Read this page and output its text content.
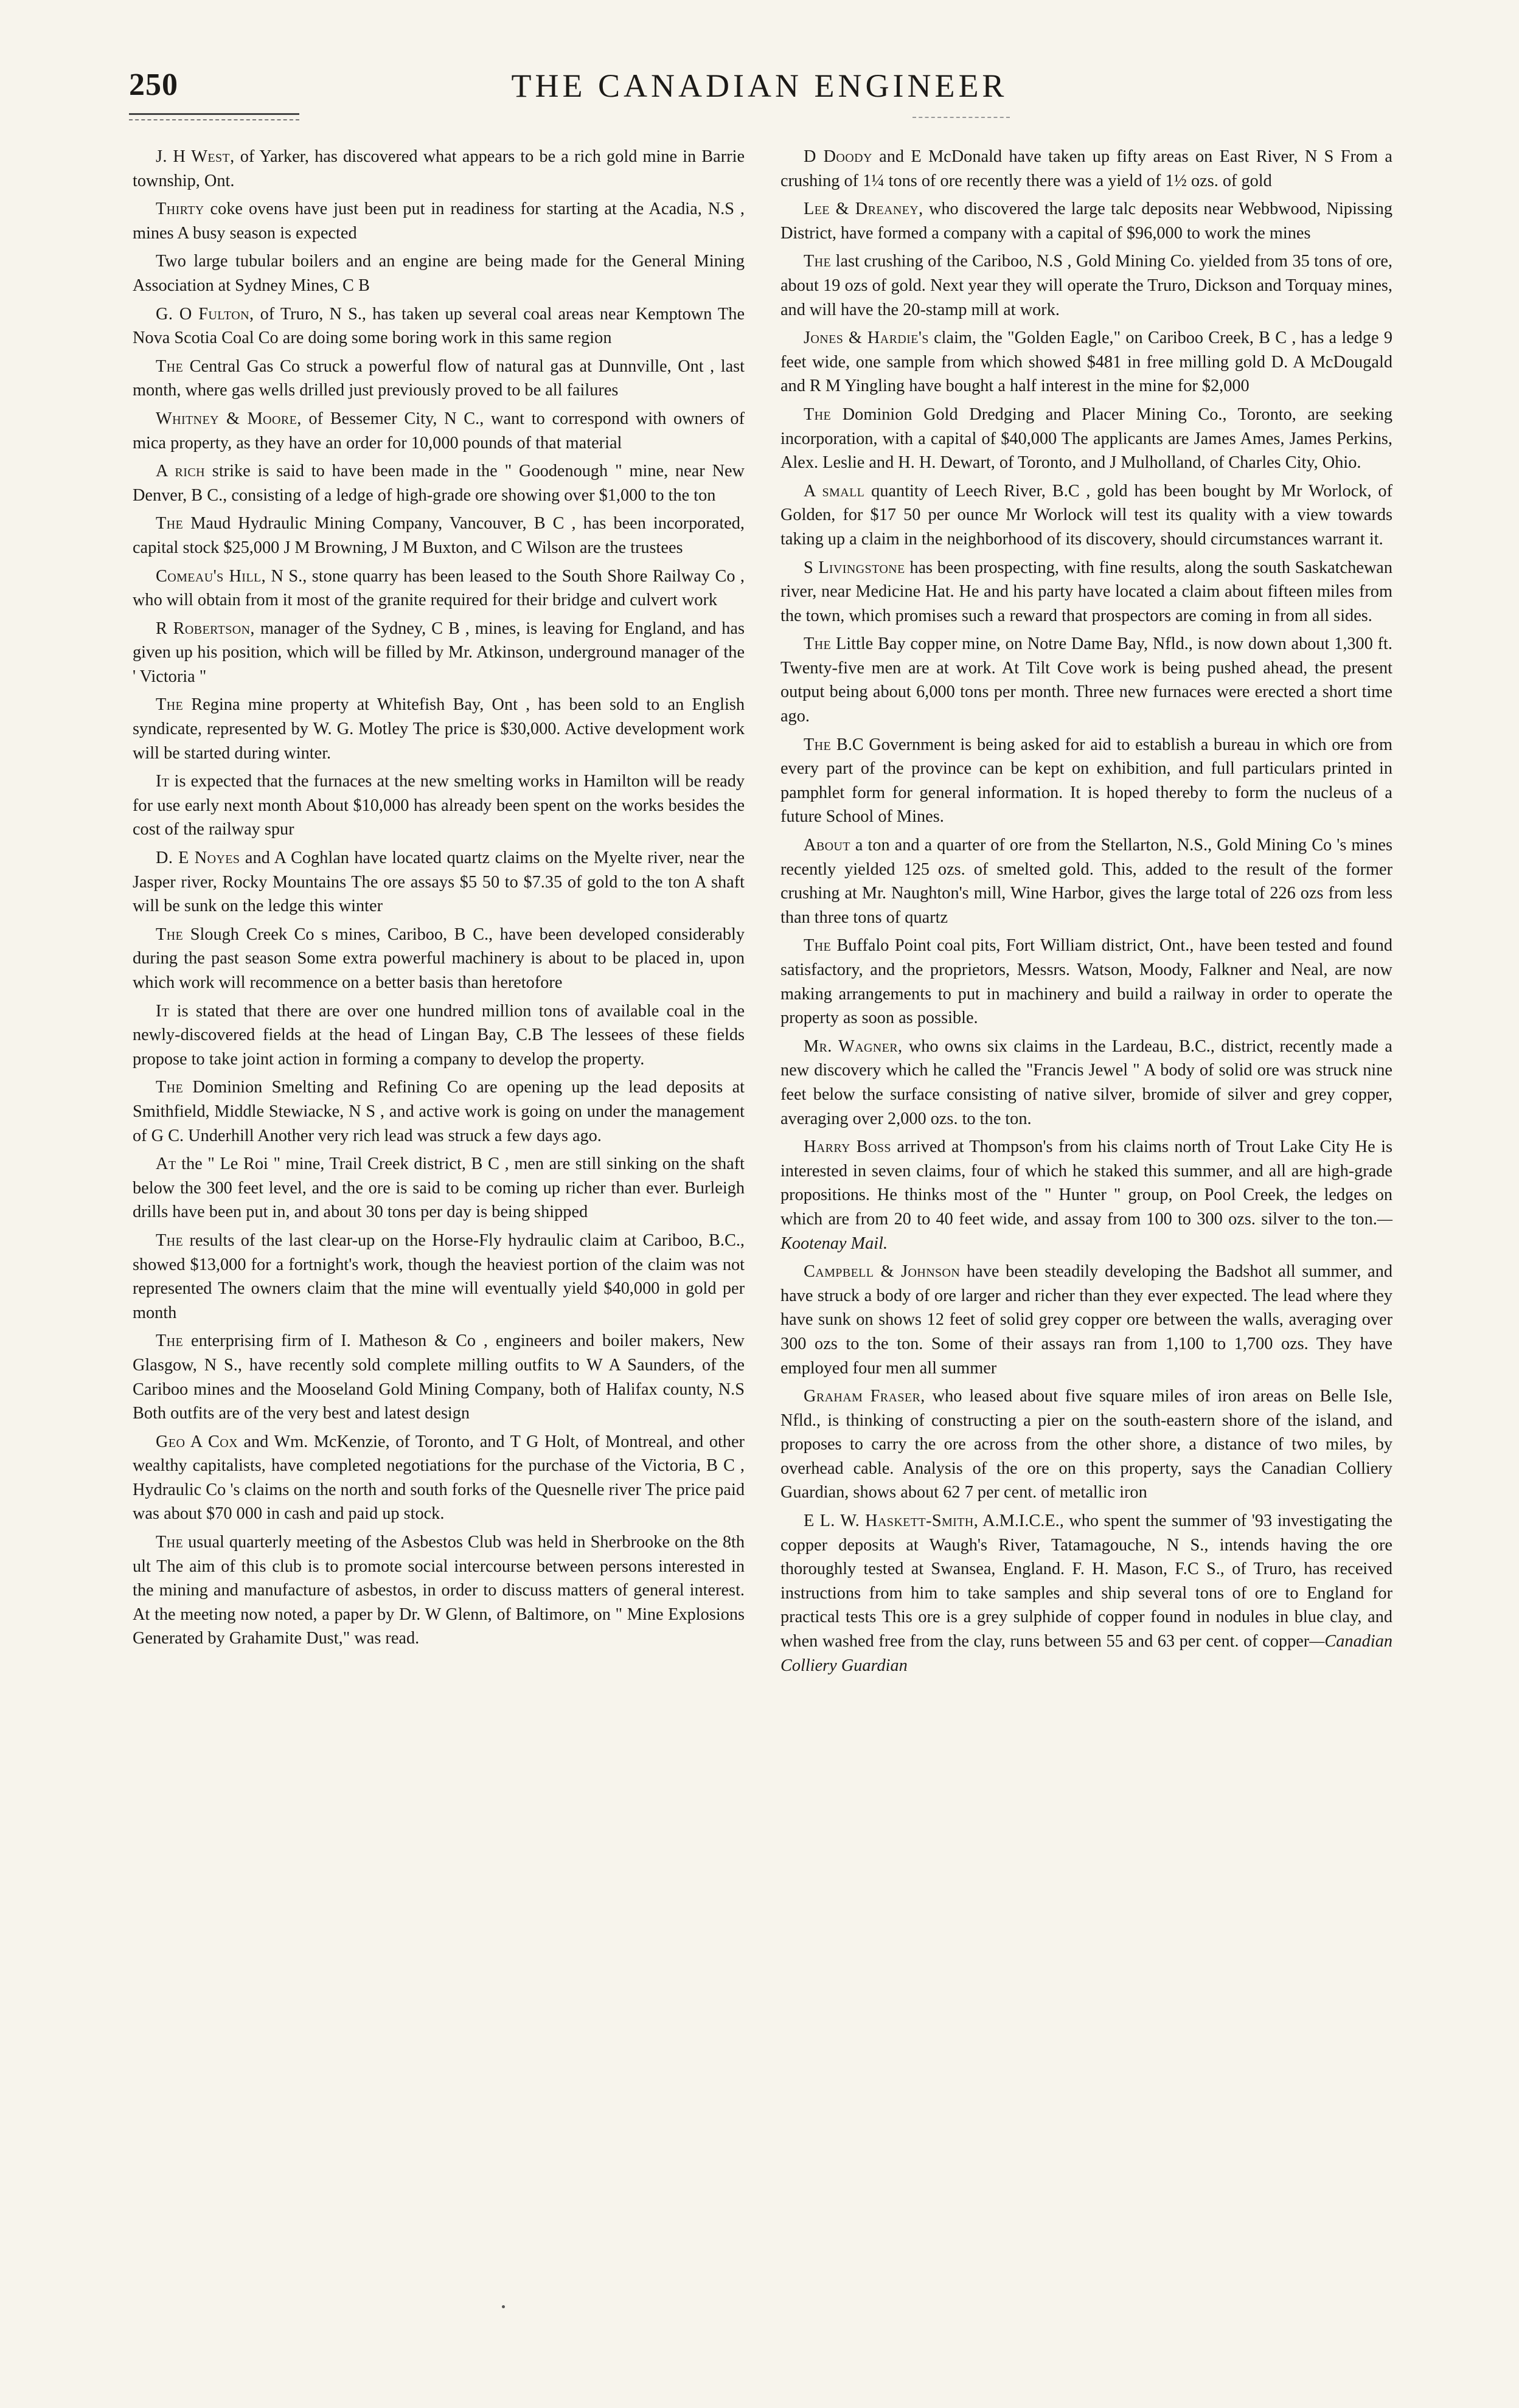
250	THE CANADIAN ENGINEER

J. H West, of Yarker, has discovered what appears to be a rich gold mine in Barrie township, Ont.

Thirty coke ovens have just been put in readiness for starting at the Acadia, N.S , mines A busy season is expected

Two large tubular boilers and an engine are being made for the General Mining Association at Sydney Mines, C B

G. O Fulton, of Truro, N S., has taken up several coal areas near Kemptown The Nova Scotia Coal Co are doing some boring work in this same region

The Central Gas Co struck a powerful flow of natural gas at Dunnville, Ont , last month, where gas wells drilled just previously proved to be all failures

Whitney & Moore, of Bessemer City, N C., want to correspond with owners of mica property, as they have an order for 10,000 pounds of that material

A rich strike is said to have been made in the " Goodenough " mine, near New Denver, B C., consisting of a ledge of high-grade ore showing over $1,000 to the ton

The Maud Hydraulic Mining Company, Vancouver, B C , has been incorporated, capital stock $25,000 J M Browning, J M Buxton, and C Wilson are the trustees

Comeau's Hill, N S., stone quarry has been leased to the South Shore Railway Co , who will obtain from it most of the granite required for their bridge and culvert work

R Robertson, manager of the Sydney, C B , mines, is leaving for England, and has given up his position, which will be filled by Mr. Atkinson, underground manager of the ' Victoria "

The Regina mine property at Whitefish Bay, Ont , has been sold to an English syndicate, represented by W. G. Motley The price is $30,000. Active development work will be started during winter.

It is expected that the furnaces at the new smelting works in Hamilton will be ready for use early next month About $10,000 has already been spent on the works besides the cost of the railway spur

D. E Noyes and A Coghlan have located quartz claims on the Myelte river, near the Jasper river, Rocky Mountains The ore assays $5 50 to $7.35 of gold to the ton A shaft will be sunk on the ledge this winter

The Slough Creek Co s mines, Cariboo, B C., have been developed considerably during the past season Some extra powerful machinery is about to be placed in, upon which work will recommence on a better basis than heretofore

It is stated that there are over one hundred million tons of available coal in the newly-discovered fields at the head of Lingan Bay, C.B The lessees of these fields propose to take joint action in forming a company to develop the property.

The Dominion Smelting and Refining Co are opening up the lead deposits at Smithfield, Middle Stewiacke, N S , and active work is going on under the management of G C. Underhill Another very rich lead was struck a few days ago.

At the " Le Roi " mine, Trail Creek district, B C , men are still sinking on the shaft below the 300 feet level, and the ore is said to be coming up richer than ever. Burleigh drills have been put in, and about 30 tons per day is being shipped

The results of the last clear-up on the Horse-Fly hydraulic claim at Cariboo, B.C., showed $13,000 for a fortnight's work, though the heaviest portion of the claim was not represented The owners claim that the mine will eventually yield $40,000 in gold per month

The enterprising firm of I. Matheson & Co , engineers and boiler makers, New Glasgow, N S., have recently sold complete milling outfits to W A Saunders, of the Cariboo mines and the Mooseland Gold Mining Company, both of Halifax county, N.S Both outfits are of the very best and latest design

Geo A Cox and Wm. McKenzie, of Toronto, and T G Holt, of Montreal, and other wealthy capitalists, have completed negotiations for the purchase of the Victoria, B C , Hydraulic Co 's claims on the north and south forks of the Quesnelle river The price paid was about $70 000 in cash and paid up stock.

The usual quarterly meeting of the Asbestos Club was held in Sherbrooke on the 8th ult The aim of this club is to promote social intercourse between persons interested in the mining and manufacture of asbestos, in order to discuss matters of general interest. At the meeting now noted, a paper by Dr. W Glenn, of Baltimore, on " Mine Explosions Generated by Grahamite Dust," was read.

D Doody and E McDonald have taken up fifty areas on East River, N S From a crushing of 1¼ tons of ore recently there was a yield of 1½ ozs. of gold

Lee & Dreaney, who discovered the large talc deposits near Webbwood, Nipissing District, have formed a company with a capital of $96,000 to work the mines

The last crushing of the Cariboo, N.S , Gold Mining Co. yielded from 35 tons of ore, about 19 ozs of gold. Next year they will operate the Truro, Dickson and Torquay mines, and will have the 20-stamp mill at work.

Jones & Hardie's claim, the "Golden Eagle," on Cariboo Creek, B C , has a ledge 9 feet wide, one sample from which showed $481 in free milling gold D. A McDougald and R M Yingling have bought a half interest in the mine for $2,000

The Dominion Gold Dredging and Placer Mining Co., Toronto, are seeking incorporation, with a capital of $40,000 The applicants are James Ames, James Perkins, Alex. Leslie and H. H. Dewart, of Toronto, and J Mulholland, of Charles City, Ohio.

A small quantity of Leech River, B.C , gold has been bought by Mr Worlock, of Golden, for $17 50 per ounce Mr Worlock will test its quality with a view towards taking up a claim in the neighborhood of its discovery, should circumstances warrant it.

S Livingstone has been prospecting, with fine results, along the south Saskatchewan river, near Medicine Hat. He and his party have located a claim about fifteen miles from the town, which promises such a reward that prospectors are coming in from all sides.

The Little Bay copper mine, on Notre Dame Bay, Nfld., is now down about 1,300 ft. Twenty-five men are at work. At Tilt Cove work is being pushed ahead, the present output being about 6,000 tons per month. Three new furnaces were erected a short time ago.

The B.C Government is being asked for aid to establish a bureau in which ore from every part of the province can be kept on exhibition, and full particulars printed in pamphlet form for general information. It is hoped thereby to form the nucleus of a future School of Mines.

About a ton and a quarter of ore from the Stellarton, N.S., Gold Mining Co 's mines recently yielded 125 ozs. of smelted gold. This, added to the result of the former crushing at Mr. Naughton's mill, Wine Harbor, gives the large total of 226 ozs from less than three tons of quartz

The Buffalo Point coal pits, Fort William district, Ont., have been tested and found satisfactory, and the proprietors, Messrs. Watson, Moody, Falkner and Neal, are now making arrangements to put in machinery and build a railway in order to operate the property as soon as possible.

Mr. Wagner, who owns six claims in the Lardeau, B.C., district, recently made a new discovery which he called the "Francis Jewel " A body of solid ore was struck nine feet below the surface consisting of native silver, bromide of silver and grey copper, averaging over 2,000 ozs. to the ton.

Harry Boss arrived at Thompson's from his claims north of Trout Lake City He is interested in seven claims, four of which he staked this summer, and all are high-grade propositions. He thinks most of the " Hunter " group, on Pool Creek, the ledges on which are from 20 to 40 feet wide, and assay from 100 to 300 ozs. silver to the ton.—Kootenay Mail.

Campbell & Johnson have been steadily developing the Badshot all summer, and have struck a body of ore larger and richer than they ever expected. The lead where they have sunk on shows 12 feet of solid grey copper ore between the walls, averaging over 300 ozs to the ton. Some of their assays ran from 1,100 to 1,700 ozs. They have employed four men all summer

Graham Fraser, who leased about five square miles of iron areas on Belle Isle, Nfld., is thinking of constructing a pier on the south-eastern shore of the island, and proposes to carry the ore across from the other shore, a distance of two miles, by overhead cable. Analysis of the ore on this property, says the Canadian Colliery Guardian, shows about 62 7 per cent. of metallic iron

E L. W. Haskett-Smith, A.M.I.C.E., who spent the summer of '93 investigating the copper deposits at Waugh's River, Tatamagouche, N S., intends having the ore thoroughly tested at Swansea, England. F. H. Mason, F.C S., of Truro, has received instructions from him to take samples and ship several tons of ore to England for practical tests This ore is a grey sulphide of copper found in nodules in blue clay, and when washed free from the clay, runs between 55 and 63 per cent. of copper—Canadian Colliery Guardian
